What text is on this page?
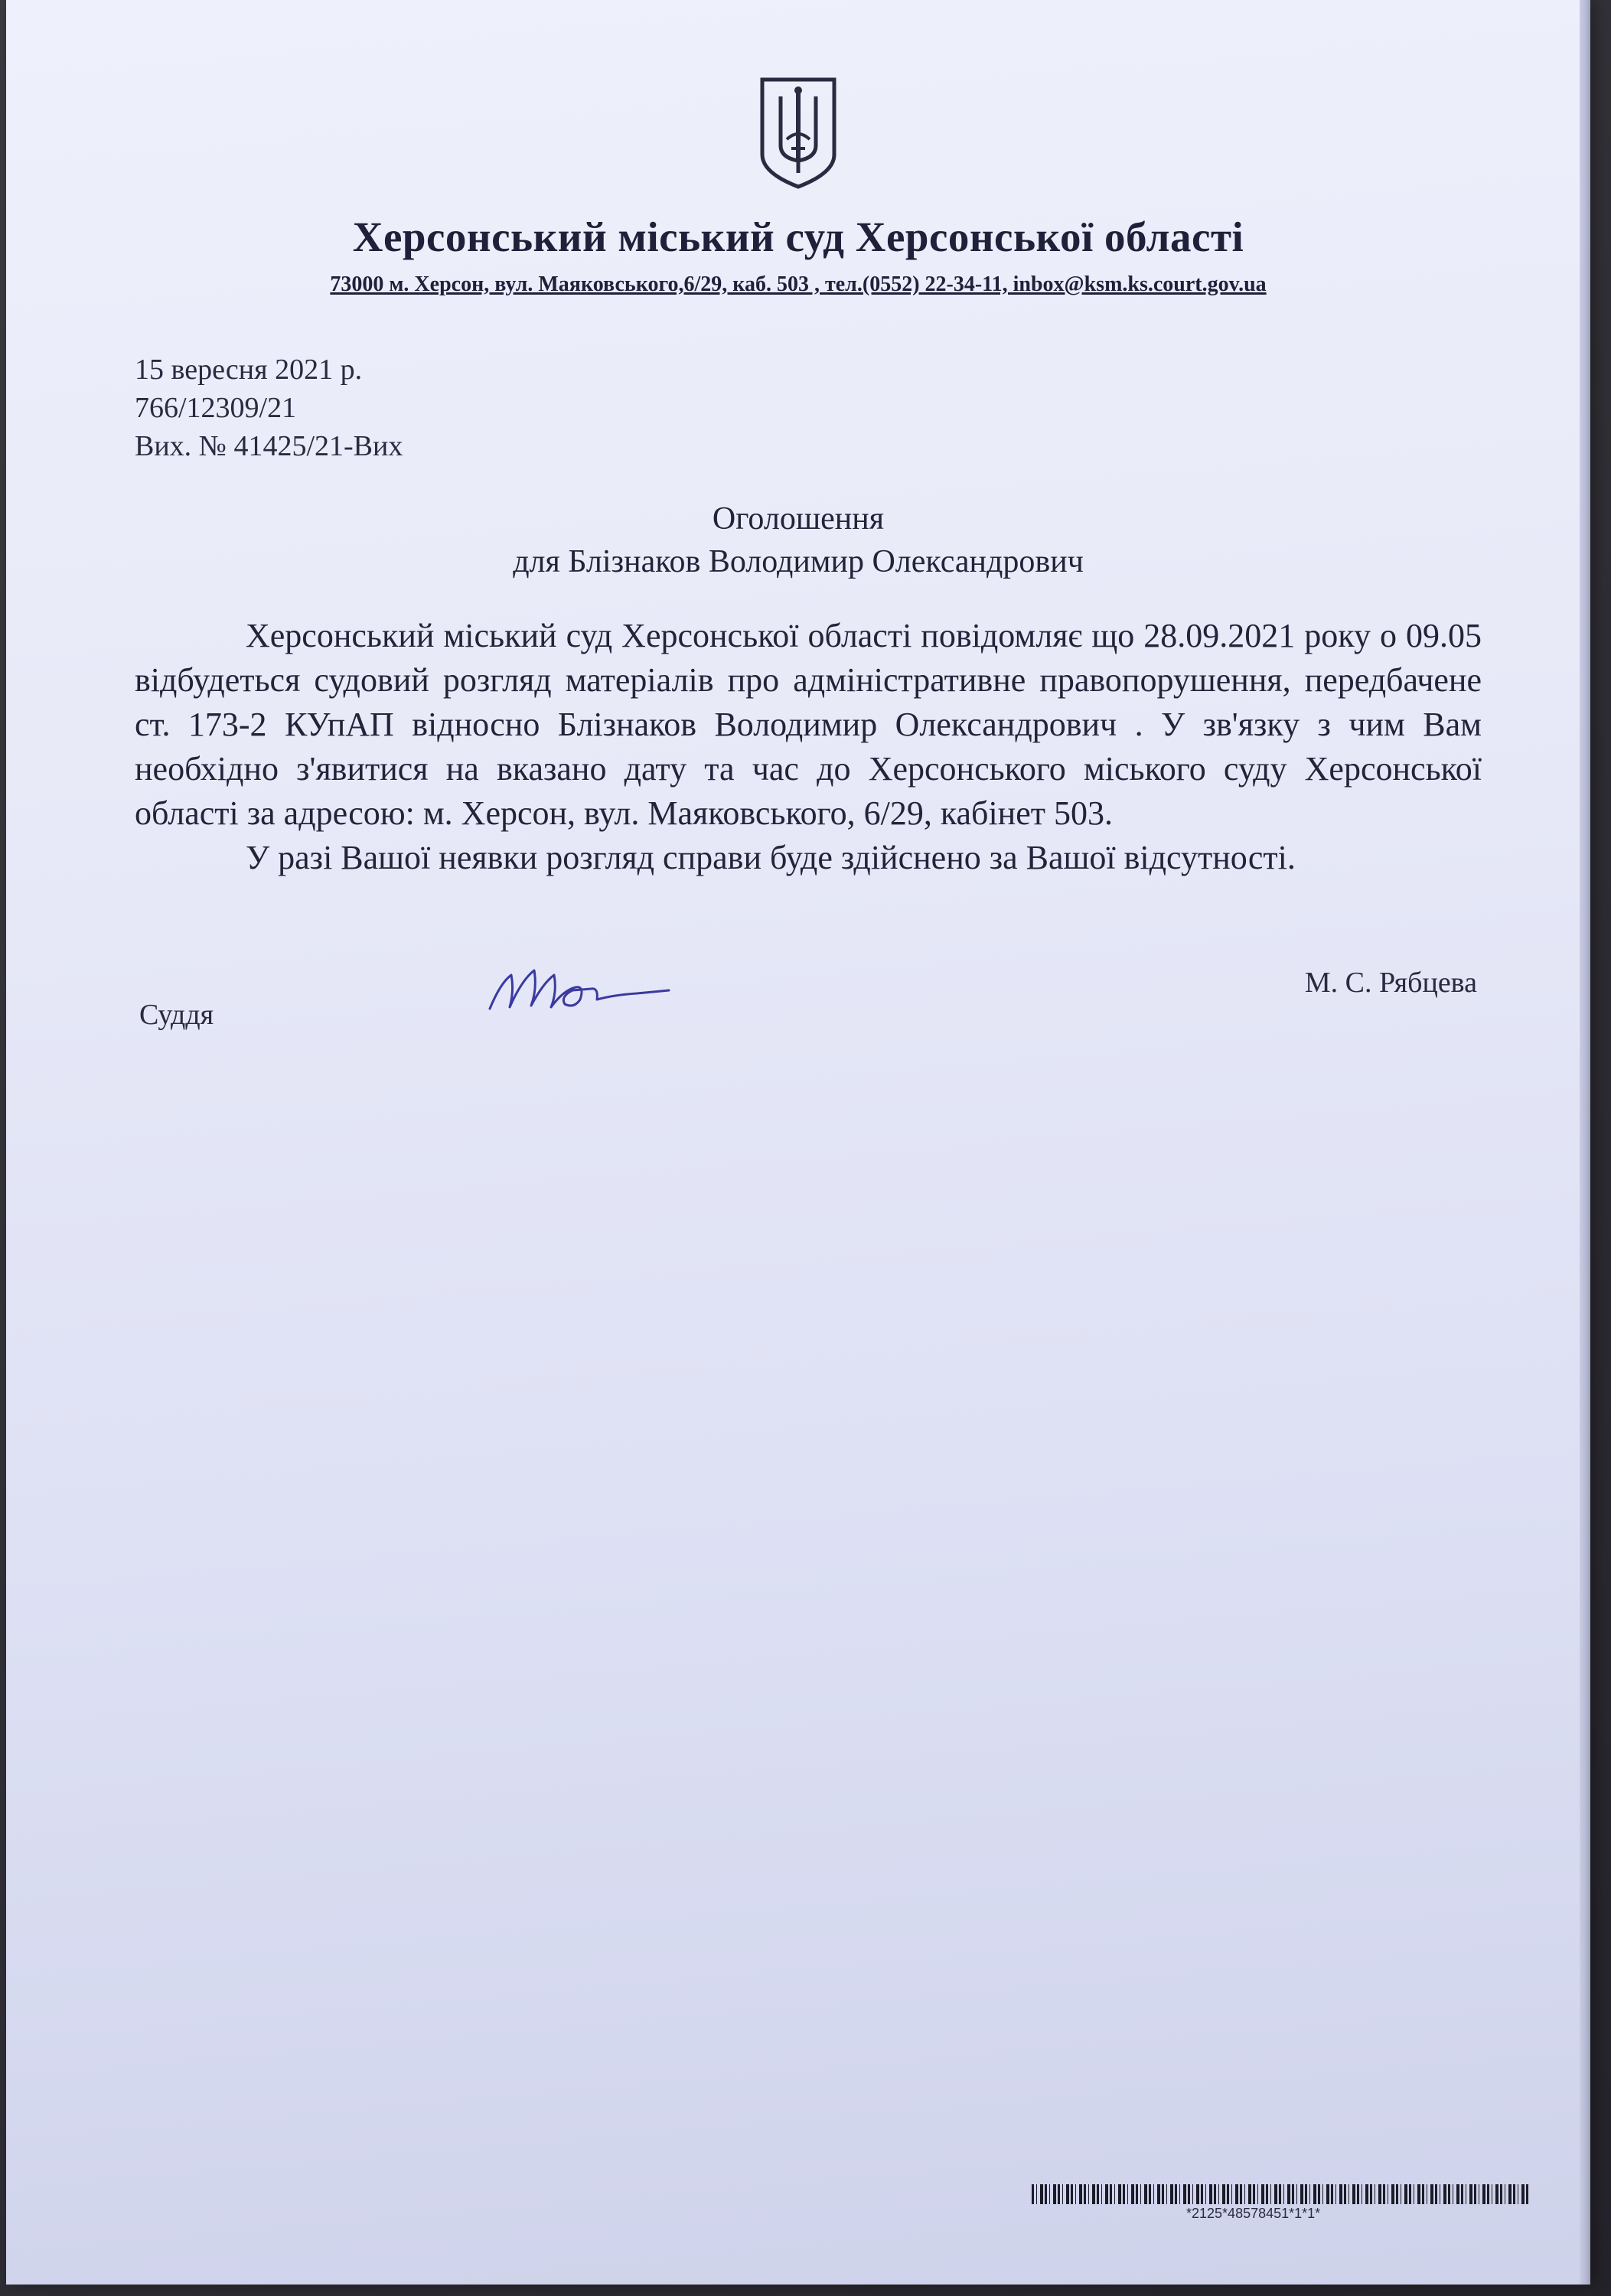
Херсонський міський суд Херсонської області
73000 м. Херсон, вул. Маяковського,6/29, каб. 503 , тел.(0552) 22-34-11, inbox@ksm.ks.court.gov.ua
15 вересня 2021 р.
766/12309/21
Вих. № 41425/21-Вих
Оголошення
для Блізнаков Володимир Олександрович

Херсонський міський суд Херсонської області повідомляє що 28.09.2021 року о 09.05 відбудеться судовий розгляд матеріалів про адміністративне правопорушення, передбачене ст. 173-2 КУпАП відносно Блізнаков Володимир Олександрович . У зв'язку з чим Вам необхідно з'явитися на вказано дату та час до Херсонського міського суду Херсонської області за адресою: м. Херсон, вул. Маяковського, 6/29, кабінет 503.

У разі Вашої неявки розгляд справи буде здійснено за Вашої відсутності.

Суддя
М. С. Рябцева
*2125*48578451*1*1*
